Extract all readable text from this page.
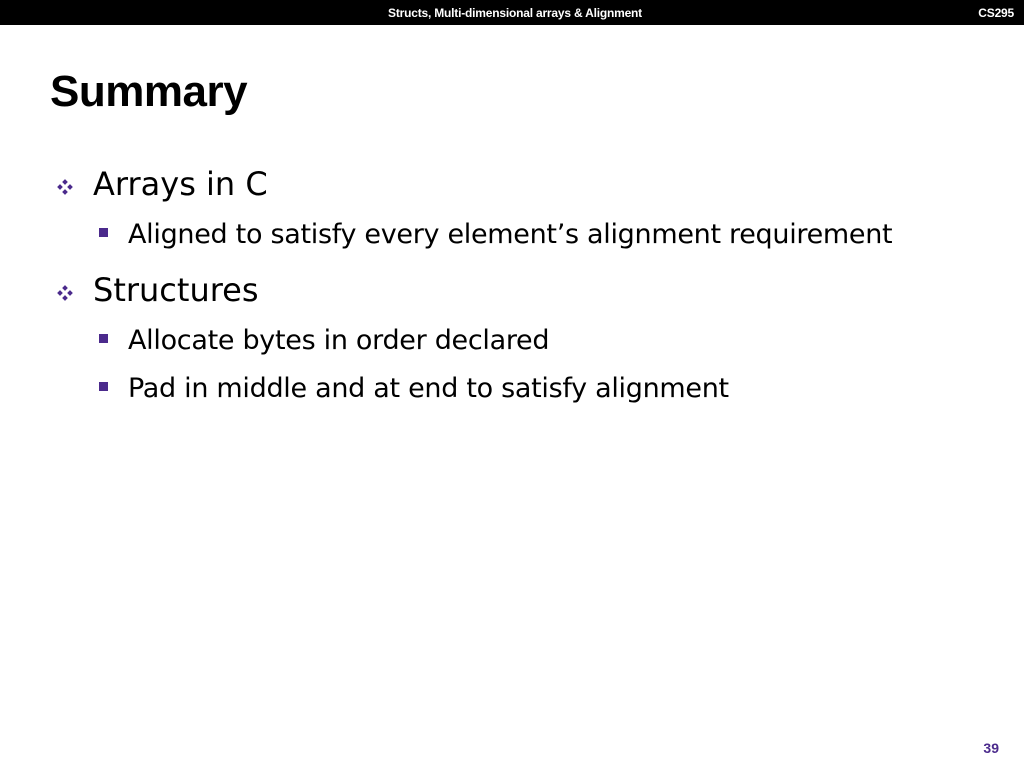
Structs, Multi-dimensional arrays & Alignment	CS295
Summary
Arrays in C
Aligned to satisfy every element’s alignment requirement
Structures
Allocate bytes in order declared
Pad in middle and at end to satisfy alignment
39
